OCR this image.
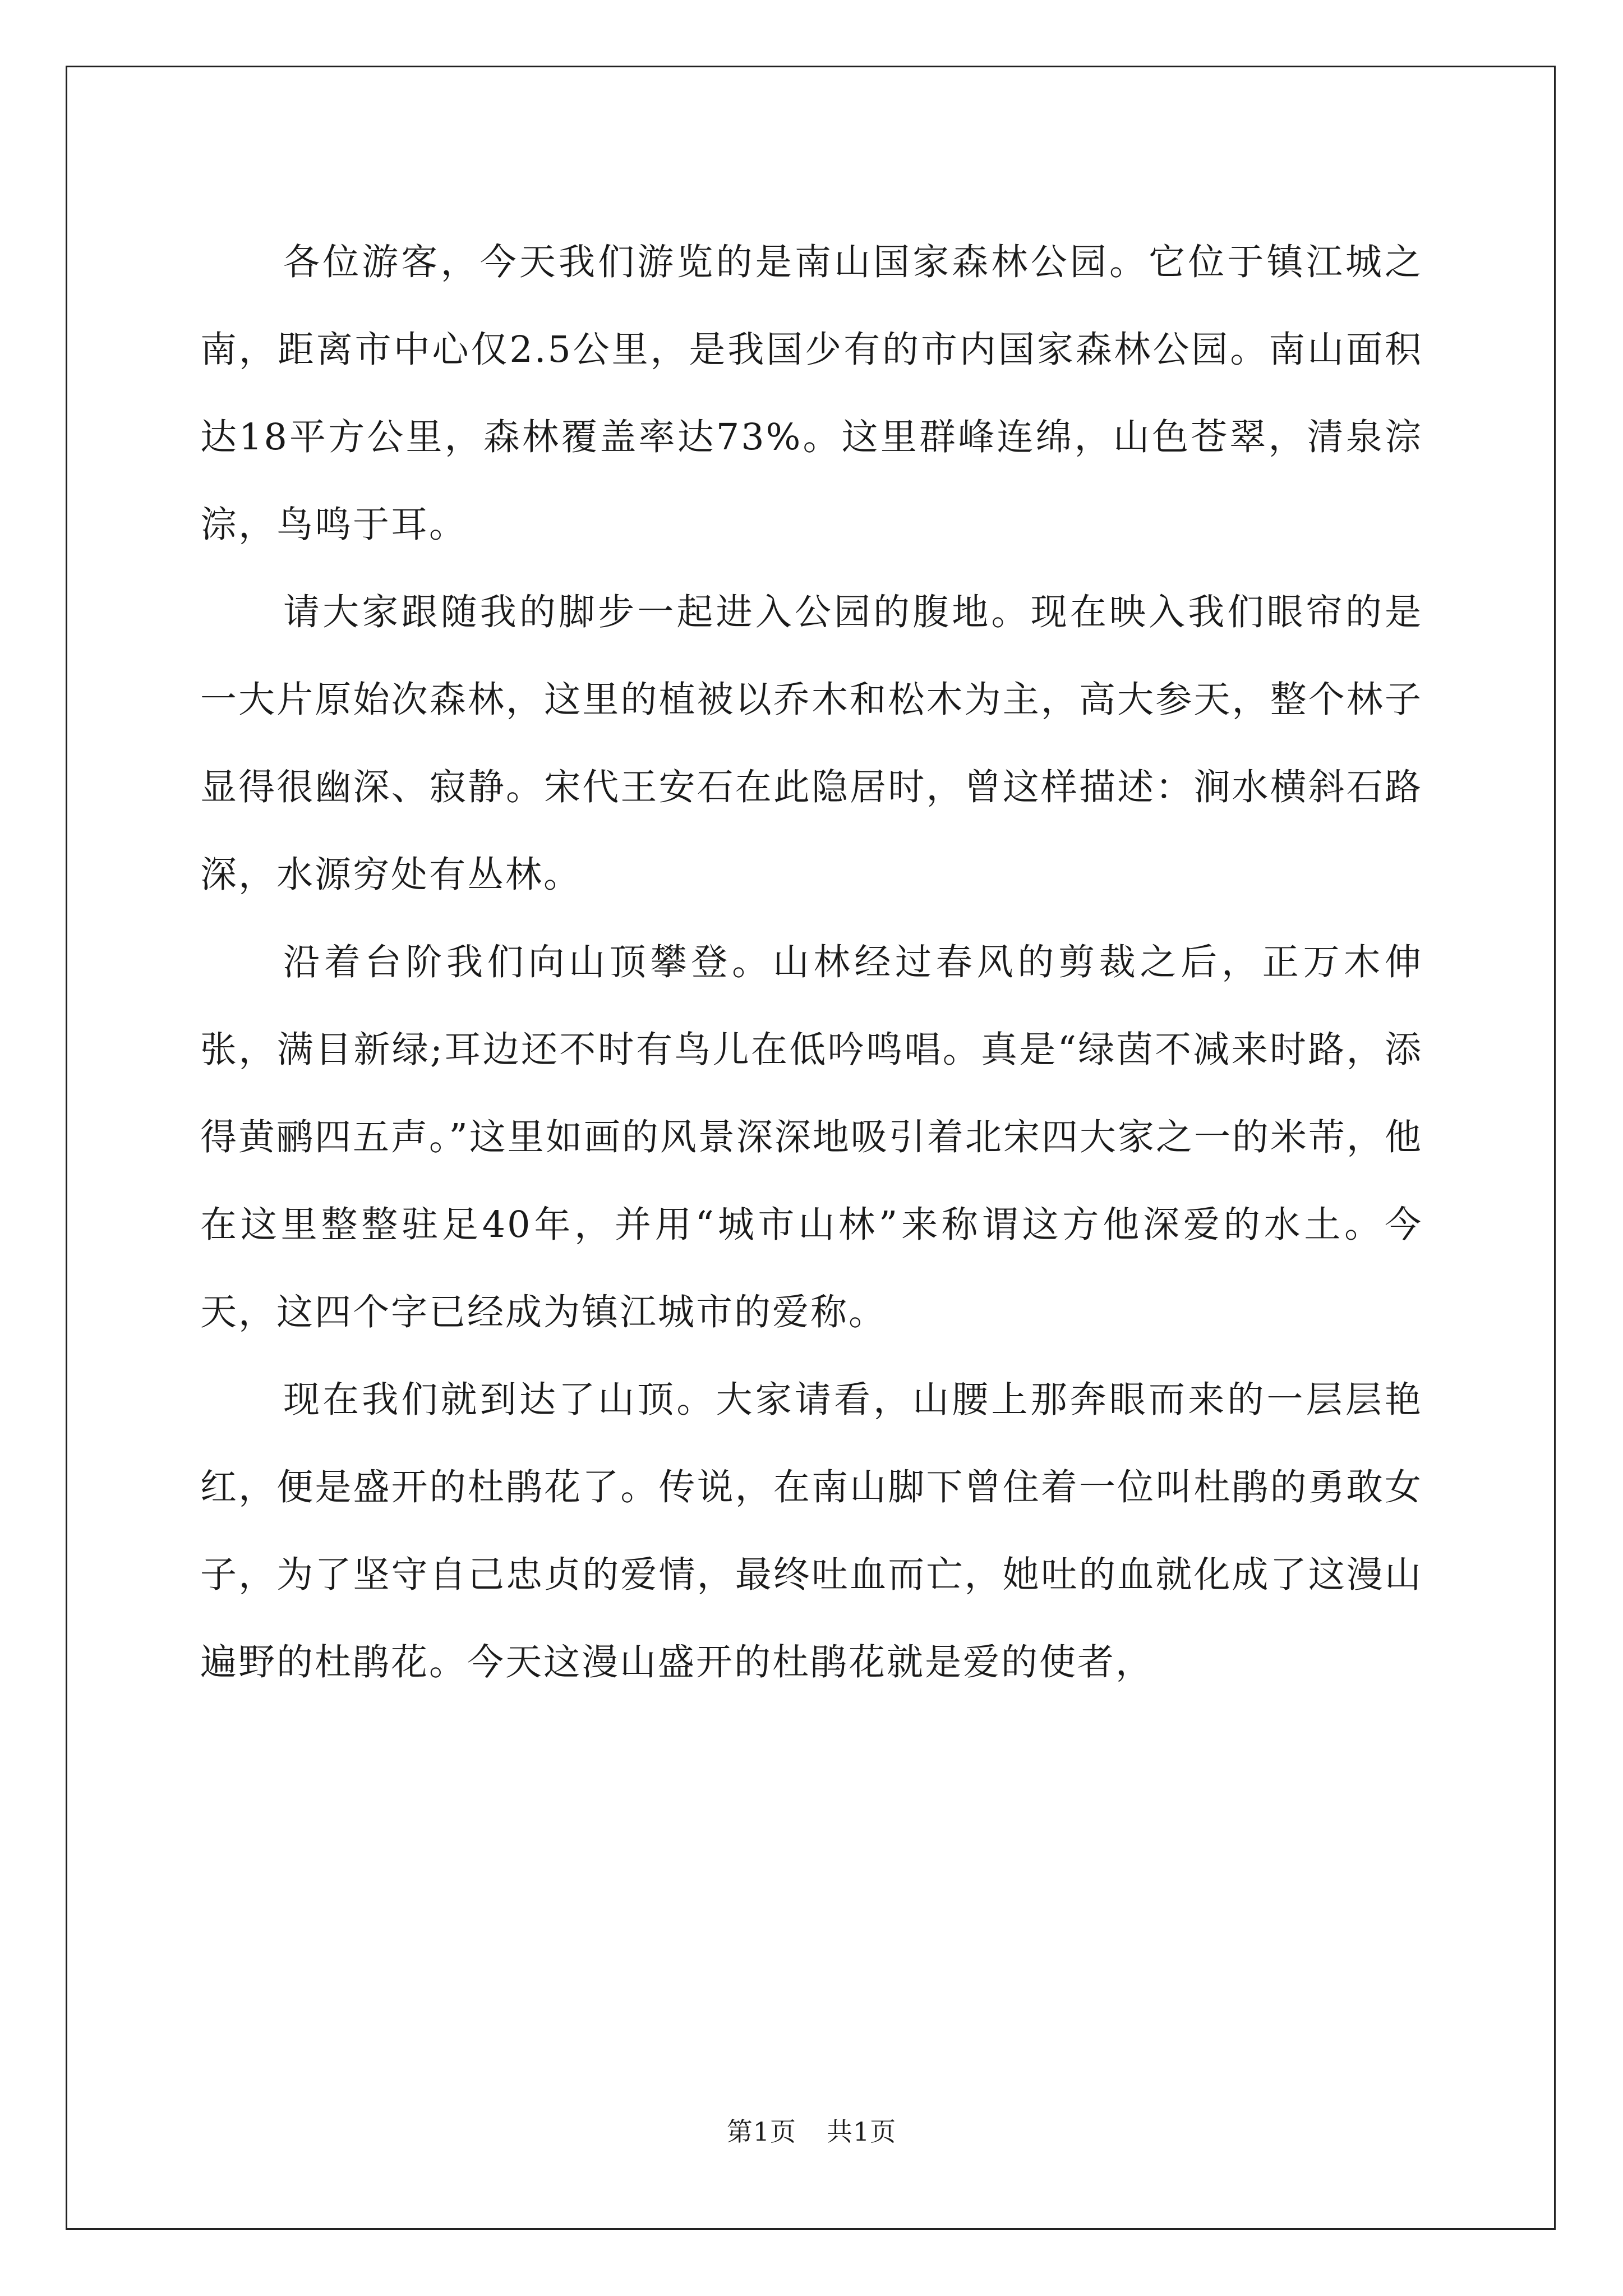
各位游客，今天我们游览的是南山国家森林公园。它位于镇江城之南，距离市中心仅2.5公里，是我国少有的市内国家森林公园。南山面积达18平方公里，森林覆盖率达73%。这里群峰连绵，山色苍翠，清泉淙淙，鸟鸣于耳。

请大家跟随我的脚步一起进入公园的腹地。现在映入我们眼帘的是一大片原始次森林，这里的植被以乔木和松木为主，高大参天，整个林子显得很幽深、寂静。宋代王安石在此隐居时，曾这样描述：涧水横斜石路深，水源穷处有丛林。

沿着台阶我们向山顶攀登。山林经过春风的剪裁之后，正万木伸张，满目新绿;耳边还不时有鸟儿在低吟鸣唱。真是“绿茵不减来时路，添得黄鹂四五声。”这里如画的风景深深地吸引着北宋四大家之一的米芾，他在这里整整驻足40年，并用“城市山林”来称谓这方他深爱的水土。今天，这四个字已经成为镇江城市的爱称。

现在我们就到达了山顶。大家请看，山腰上那奔眼而来的一层层艳红，便是盛开的杜鹃花了。传说，在南山脚下曾住着一位叫杜鹃的勇敢女子，为了坚守自己忠贞的爱情，最终吐血而亡，她吐的血就化成了这漫山遍野的杜鹃花。今天这漫山盛开的杜鹃花就是爱的使者，

第1页 共1页
